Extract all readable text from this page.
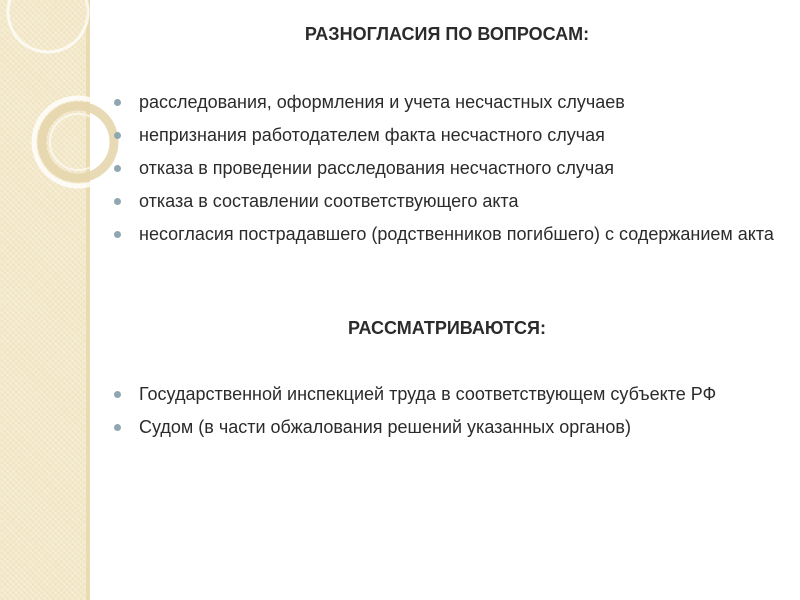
РАЗНОГЛАСИЯ ПО ВОПРОСАМ:
расследования, оформления и учета несчастных случаев
непризнания работодателем факта несчастного случая
отказа в проведении расследования несчастного случая
отказа в составлении соответствующего акта
несогласия пострадавшего (родственников погибшего) с содержанием акта
РАССМАТРИВАЮТСЯ:
Государственной инспекцией труда в соответствующем субъекте РФ
Судом (в части обжалования решений указанных органов)
